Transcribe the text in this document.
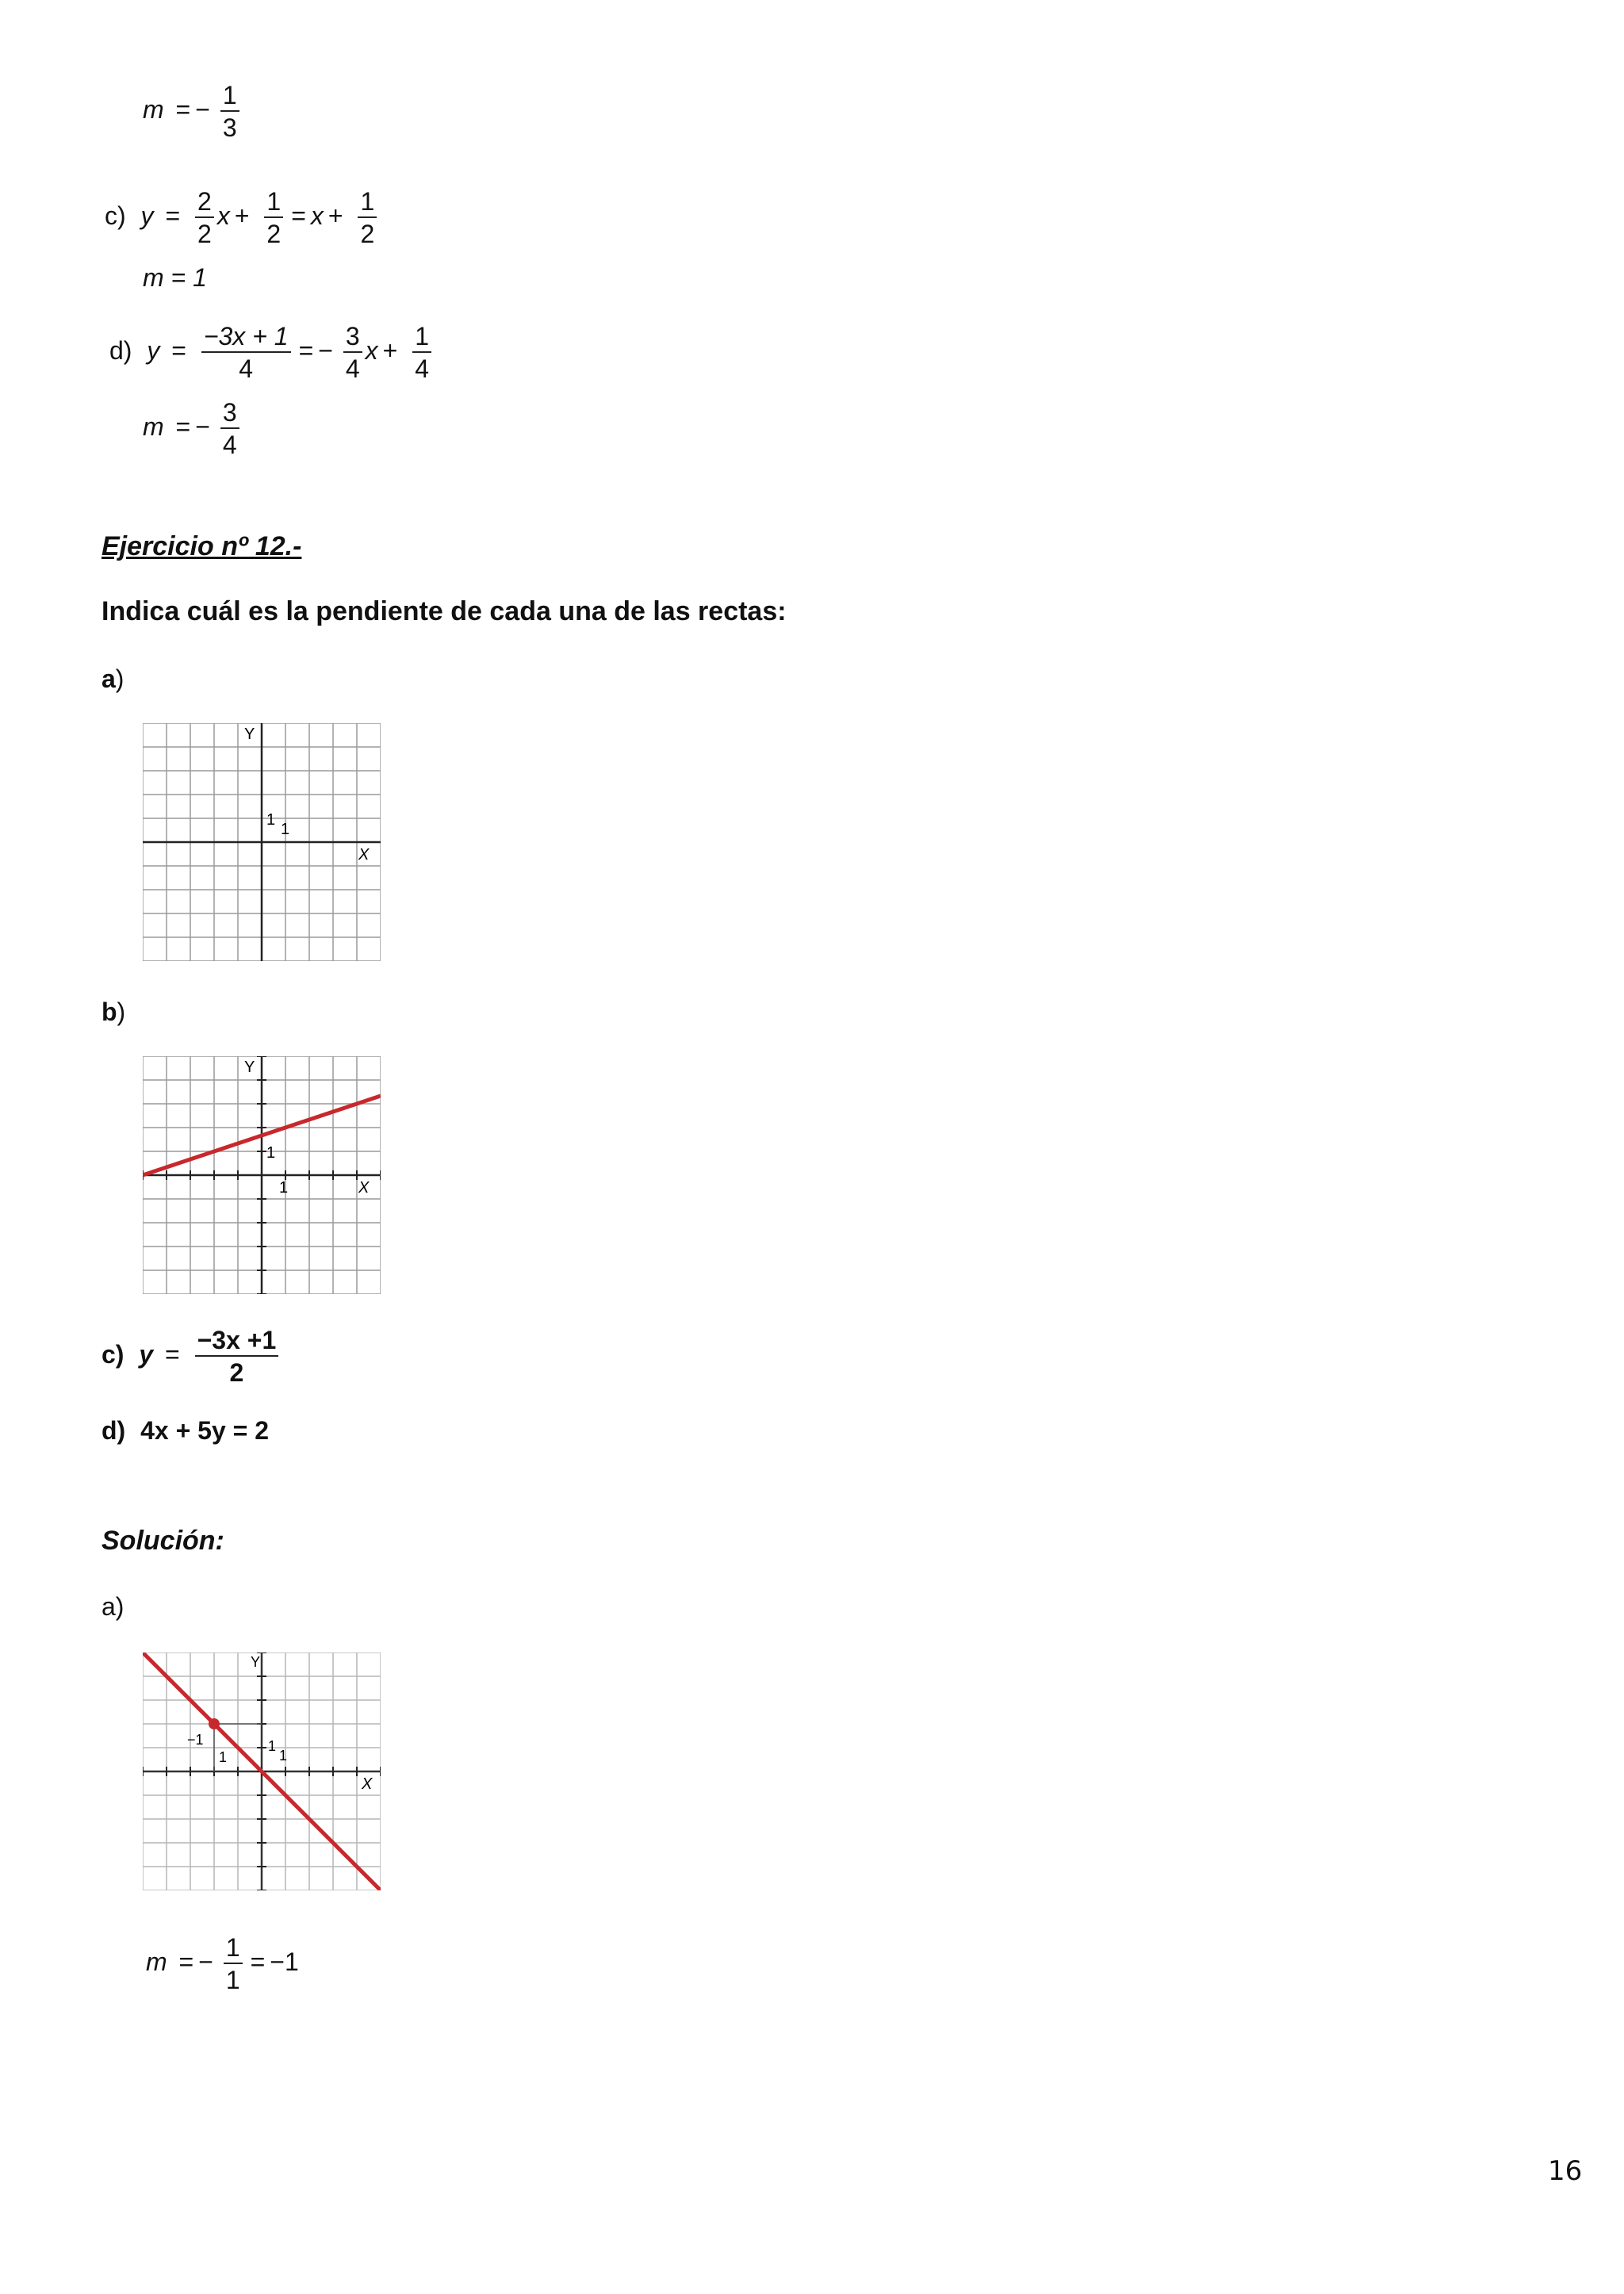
m = − $\frac{1}{3}$
c) $y = \frac{2}{2}$ $x + \frac{1}{2} = x + \frac{1}{2}$
m = 1
d) $y = \frac{-3x + 1}{4}$ = − $\frac{3}{4}$ $x + \frac{1}{4}$
m = − $\frac{3}{4}$
Ejercicio nº 12.-
Indica cuál es la pendiente de cada una de las rectas:
a)
Y
X
1
1
b)
Y
X
1
1
c) $y = \frac{-3x +1}{2}$
d) 4x + 5y = 2
Solución:
a)
Y
X
−1
1
1
1
m = − $\frac{1}{1} = -1$
16
